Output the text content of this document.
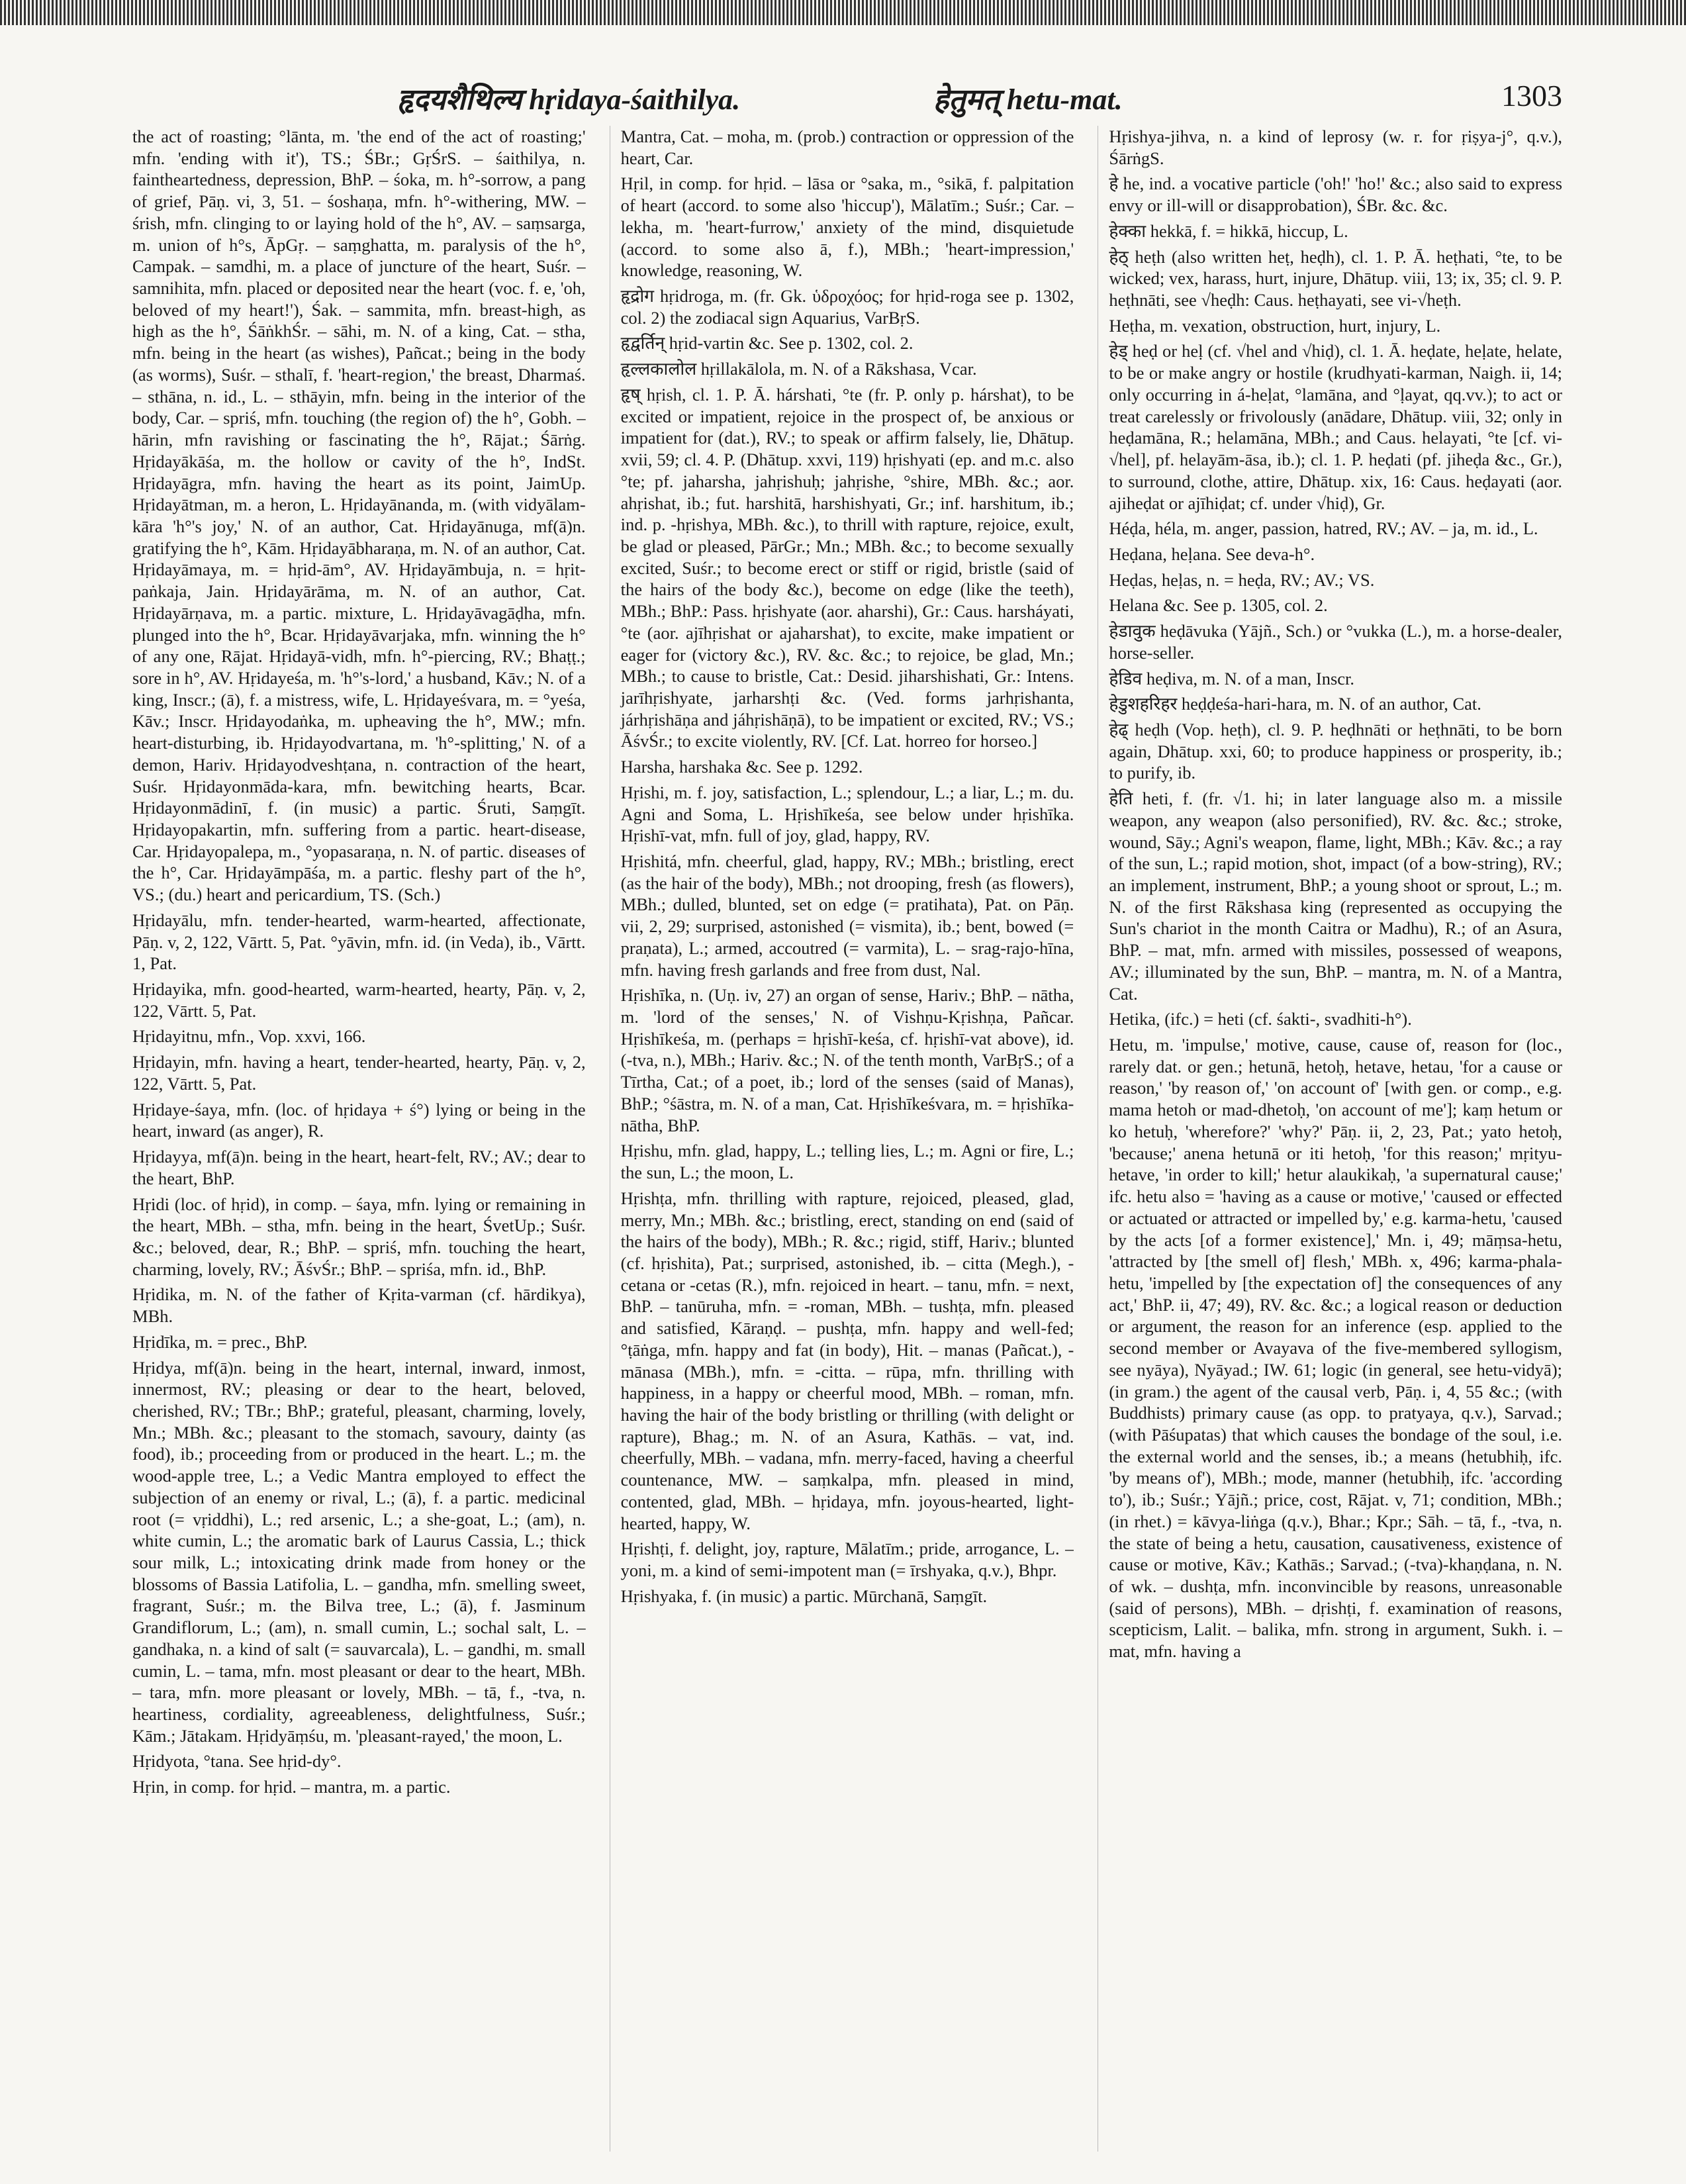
हृदयशैथिल्य hṛidaya-śaithilya.	हेतुमत् hetu-mat.	1303

the act of roasting; °lānta, m. 'the end of the act of roasting;' mfn. 'ending with it'), TS.; ŚBr.; GṛŚrS. – śaithilya, n. faintheartedness, depression, BhP. – śoka, m. h°-sorrow, a pang of grief, Pāṇ. vi, 3, 51. – śoshaṇa, mfn. h°-withering, MW. – śrish, mfn. clinging to or laying hold of the h°, AV. – saṃsarga, m. union of h°s, ĀpGṛ. – saṃghatta, m. paralysis of the h°, Campak. – samdhi, m. a place of juncture of the heart, Suśr. – samnihita, mfn. placed or deposited near the heart (voc. f. e, 'oh, beloved of my heart!'), Śak. – sammita, mfn. breast-high, as high as the h°, ŚāṅkhŚr. – sāhi, m. N. of a king, Cat. – stha, mfn. being in the heart (as wishes), Pañcat.; being in the body (as worms), Suśr. – sthalī, f. 'heart-region,' the breast, Dharmaś. – sthāna, n. id., L. – sthāyin, mfn. being in the interior of the body, Car. – spriś, mfn. touching (the region of) the h°, Gobh. – hārin, mfn ravishing or fascinating the h°, Rājat.; Śārṅg. Hṛidayākāśa, m. the hollow or cavity of the h°, IndSt. Hṛidayāgra, mfn. having the heart as its point, JaimUp. Hṛidayātman, m. a heron, L. Hṛidayānanda, m. (with vidyālam-kāra 'h°'s joy,' N. of an author, Cat. Hṛidayānuga, mf(ā)n. gratifying the h°, Kām. Hṛidayābharaṇa, m. N. of an author, Cat. Hṛidayāmaya, m. = hṛid-ām°, AV. Hṛidayāmbuja, n. = hṛit-paṅkaja, Jain. Hṛidayārāma, m. N. of an author, Cat. Hṛidayārṇava, m. a partic. mixture, L. Hṛidayāvagāḍha, mfn. plunged into the h°, Bcar. Hṛidayāvarjaka, mfn. winning the h° of any one, Rājat. Hṛidayā-vidh, mfn. h°-piercing, RV.; Bhaṭṭ.; sore in h°, AV. Hṛidayeśa, m. 'h°'s-lord,' a husband, Kāv.; N. of a king, Inscr.; (ā), f. a mistress, wife, L. Hṛidayeśvara, m. = °yeśa, Kāv.; Inscr. Hṛidayodaṅka, m. upheaving the h°, MW.; mfn. heart-disturbing, ib. Hṛidayodvartana, m. 'h°-splitting,' N. of a demon, Hariv. Hṛidayodveshṭana, n. contraction of the heart, Suśr. Hṛidayonmāda-kara, mfn. bewitching hearts, Bcar. Hṛidayonmādinī, f. (in music) a partic. Śruti, Saṃgīt. Hṛidayopakartin, mfn. suffering from a partic. heart-disease, Car. Hṛidayopalepa, m., °yopasaraṇa, n. N. of partic. diseases of the h°, Car. Hṛidayāmpāśa, m. a partic. fleshy part of the h°, VS.; (du.) heart and pericardium, TS. (Sch.)

Hṛidayālu, mfn. tender-hearted, warm-hearted, affectionate, Pāṇ. v, 2, 122, Vārtt. 5, Pat. °yāvin, mfn. id. (in Veda), ib., Vārtt. 1, Pat.

Hṛidayika, mfn. good-hearted, warm-hearted, hearty, Pāṇ. v, 2, 122, Vārtt. 5, Pat.

Hṛidayitnu, mfn., Vop. xxvi, 166.

Hṛidayin, mfn. having a heart, tender-hearted, hearty, Pāṇ. v, 2, 122, Vārtt. 5, Pat.

Hṛidaye-śaya, mfn. (loc. of hṛidaya + ś°) lying or being in the heart, inward (as anger), R.

Hṛidayya, mf(ā)n. being in the heart, heart-felt, RV.; AV.; dear to the heart, BhP.

Hṛidi (loc. of hṛid), in comp. – śaya, mfn. lying or remaining in the heart, MBh. – stha, mfn. being in the heart, ŚvetUp.; Suśr. &c.; beloved, dear, R.; BhP. – spriś, mfn. touching the heart, charming, lovely, RV.; ĀśvŚr.; BhP. – spriśa, mfn. id., BhP.

Hṛidika, m. N. of the father of Kṛita-varman (cf. hārdikya), MBh.

Hṛidīka, m. = prec., BhP.

Hṛidya, mf(ā)n. being in the heart, internal, inward, inmost, innermost, RV.; pleasing or dear to the heart, beloved, cherished, RV.; TBr.; BhP.; grateful, pleasant, charming, lovely, Mn.; MBh. &c.; pleasant to the stomach, savoury, dainty (as food), ib.; proceeding from or produced in the heart. L.; m. the wood-apple tree, L.; a Vedic Mantra employed to effect the subjection of an enemy or rival, L.; (ā), f. a partic. medicinal root (= vṛiddhi), L.; red arsenic, L.; a she-goat, L.; (am), n. white cumin, L.; the aromatic bark of Laurus Cassia, L.; thick sour milk, L.; intoxicating drink made from honey or the blossoms of Bassia Latifolia, L. – gandha, mfn. smelling sweet, fragrant, Suśr.; m. the Bilva tree, L.; (ā), f. Jasminum Grandiflorum, L.; (am), n. small cumin, L.; sochal salt, L. – gandhaka, n. a kind of salt (= sauvarcala), L. – gandhi, m. small cumin, L. – tama, mfn. most pleasant or dear to the heart, MBh. – tara, mfn. more pleasant or lovely, MBh. – tā, f., -tva, n. heartiness, cordiality, agreeableness, delightfulness, Suśr.; Kām.; Jātakam. Hṛidyāṃśu, m. 'pleasant-rayed,' the moon, L.

Hṛidyota, °tana. See hṛid-dy°.

Hṛin, in comp. for hṛid. – mantra, m. a partic.

Mantra, Cat. – moha, m. (prob.) contraction or oppression of the heart, Car.

Hṛil, in comp. for hṛid. – lāsa or °saka, m., °sikā, f. palpitation of heart (accord. to some also 'hiccup'), Mālatīm.; Suśr.; Car. – lekha, m. 'heart-furrow,' anxiety of the mind, disquietude (accord. to some also ā, f.), MBh.; 'heart-impression,' knowledge, reasoning, W.

हृद्रोग hṛidroga, m. (fr. Gk. ὑδροχόος; for hṛid-roga see p. 1302, col. 2) the zodiacal sign Aquarius, VarBṛS.

हृद्वर्तिन् hṛid-vartin &c. See p. 1302, col. 2.

हृल्लकालोल hṛillakālola, m. N. of a Rākshasa, Vcar.

हृष् hṛish, cl. 1. P. Ā. hárshati, °te (fr. P. only p. hárshat), to be excited or impatient, rejoice in the prospect of, be anxious or impatient for (dat.), RV.; to speak or affirm falsely, lie, Dhātup. xvii, 59; cl. 4. P. (Dhātup. xxvi, 119) hṛishyati (ep. and m.c. also °te; pf. jaharsha, jahṛishuḥ; jahṛishe, °shire, MBh. &c.; aor. ahṛishat, ib.; fut. harshitā, harshishyati, Gr.; inf. harshitum, ib.; ind. p. -hṛishya, MBh. &c.), to thrill with rapture, rejoice, exult, be glad or pleased, PārGr.; Mn.; MBh. &c.; to become sexually excited, Suśr.; to become erect or stiff or rigid, bristle (said of the hairs of the body &c.), become on edge (like the teeth), MBh.; BhP.: Pass. hṛishyate (aor. aharshi), Gr.: Caus. harsháyati, °te (aor. ajīhṛishat or ajaharshat), to excite, make impatient or eager for (victory &c.), RV. &c. &c.; to rejoice, be glad, Mn.; MBh.; to cause to bristle, Cat.: Desid. jiharshishati, Gr.: Intens. jarīhṛishyate, jarharshṭi &c. (Ved. forms jarhṛishanta, járhṛishāṇa and jáhṛishāṇā), to be impatient or excited, RV.; VS.; ĀśvŚr.; to excite violently, RV. [Cf. Lat. horreo for horseo.]

Harsha, harshaka &c. See p. 1292.

Hṛishi, m. f. joy, satisfaction, L.; splendour, L.; a liar, L.; m. du. Agni and Soma, L. Hṛishīkeśa, see below under hṛishīka. Hṛishī-vat, mfn. full of joy, glad, happy, RV.

Hṛishitá, mfn. cheerful, glad, happy, RV.; MBh.; bristling, erect (as the hair of the body), MBh.; not drooping, fresh (as flowers), MBh.; dulled, blunted, set on edge (= pratihata), Pat. on Pāṇ. vii, 2, 29; surprised, astonished (= vismita), ib.; bent, bowed (= praṇata), L.; armed, accoutred (= varmita), L. – srag-rajo-hīna, mfn. having fresh garlands and free from dust, Nal.

Hṛishīka, n. (Uṇ. iv, 27) an organ of sense, Hariv.; BhP. – nātha, m. 'lord of the senses,' N. of Vishṇu-Kṛishṇa, Pañcar. Hṛishīkeśa, m. (perhaps = hṛishī-keśa, cf. hṛishī-vat above), id. (-tva, n.), MBh.; Hariv. &c.; N. of the tenth month, VarBṛS.; of a Tīrtha, Cat.; of a poet, ib.; lord of the senses (said of Manas), BhP.; °śāstra, m. N. of a man, Cat. Hṛishīkeśvara, m. = hṛishīka-nātha, BhP.

Hṛishu, mfn. glad, happy, L.; telling lies, L.; m. Agni or fire, L.; the sun, L.; the moon, L.

Hṛishṭa, mfn. thrilling with rapture, rejoiced, pleased, glad, merry, Mn.; MBh. &c.; bristling, erect, standing on end (said of the hairs of the body), MBh.; R. &c.; rigid, stiff, Hariv.; blunted (cf. hṛishita), Pat.; surprised, astonished, ib. – citta (Megh.), -cetana or -cetas (R.), mfn. rejoiced in heart. – tanu, mfn. = next, BhP. – tanūruha, mfn. = -roman, MBh. – tushṭa, mfn. pleased and satisfied, Kāraṇḍ. – pushṭa, mfn. happy and well-fed; °ṭāṅga, mfn. happy and fat (in body), Hit. – manas (Pañcat.), -mānasa (MBh.), mfn. = -citta. – rūpa, mfn. thrilling with happiness, in a happy or cheerful mood, MBh. – roman, mfn. having the hair of the body bristling or thrilling (with delight or rapture), Bhag.; m. N. of an Asura, Kathās. – vat, ind. cheerfully, MBh. – vadana, mfn. merry-faced, having a cheerful countenance, MW. – saṃkalpa, mfn. pleased in mind, contented, glad, MBh. – hṛidaya, mfn. joyous-hearted, light-hearted, happy, W.

Hṛishṭi, f. delight, joy, rapture, Mālatīm.; pride, arrogance, L. – yoni, m. a kind of semi-impotent man (= īrshyaka, q.v.), Bhpr.

Hṛishyaka, f. (in music) a partic. Mūrchanā, Saṃgīt.

Hṛishya-jihva, n. a kind of leprosy (w. r. for ṛiṣya-j°, q.v.), ŚārṅgS.

हे he, ind. a vocative particle ('oh!' 'ho!' &c.; also said to express envy or ill-will or disapprobation), ŚBr. &c. &c.

हेक्का hekkā, f. = hikkā, hiccup, L.

हेठ् heṭh (also written heṭ, heḍh), cl. 1. P. Ā. heṭhati, °te, to be wicked; vex, harass, hurt, injure, Dhātup. viii, 13; ix, 35; cl. 9. P. heṭhnāti, see √heḍh: Caus. heṭhayati, see vi-√heṭh.

Heṭha, m. vexation, obstruction, hurt, injury, L.

हेड् heḍ or heḷ (cf. √hel and √hiḍ), cl. 1. Ā. heḍate, heḷate, helate, to be or make angry or hostile (krudhyati-karman, Naigh. ii, 14; only occurring in á-heḷat, °lamāna, and °ḷayat, qq.vv.); to act or treat carelessly or frivolously (anādare, Dhātup. viii, 32; only in heḍamāna, R.; helamāna, MBh.; and Caus. helayati, °te [cf. vi-√hel], pf. helayām-āsa, ib.); cl. 1. P. heḍati (pf. jiheḍa &c., Gr.), to surround, clothe, attire, Dhātup. xix, 16: Caus. heḍayati (aor. ajiheḍat or ajīhiḍat; cf. under √hiḍ), Gr.

Héḍa, héla, m. anger, passion, hatred, RV.; AV. – ja, m. id., L.

Heḍana, heḷana. See deva-h°.

Heḍas, heḷas, n. = heḍa, RV.; AV.; VS.

Helana &c. See p. 1305, col. 2.

हेडावुक heḍāvuka (Yājñ., Sch.) or °vukka (L.), m. a horse-dealer, horse-seller.

हेडिव heḍiva, m. N. of a man, Inscr.

हेडुशहरिहर heḍḍeśa-hari-hara, m. N. of an author, Cat.

हेढ् heḍh (Vop. heṭh), cl. 9. P. heḍhnāti or heṭhnāti, to be born again, Dhātup. xxi, 60; to produce happiness or prosperity, ib.; to purify, ib.

हेति heti, f. (fr. √1. hi; in later language also m. a missile weapon, any weapon (also personified), RV. &c. &c.; stroke, wound, Sāy.; Agni's weapon, flame, light, MBh.; Kāv. &c.; a ray of the sun, L.; rapid motion, shot, impact (of a bow-string), RV.; an implement, instrument, BhP.; a young shoot or sprout, L.; m. N. of the first Rākshasa king (represented as occupying the Sun's chariot in the month Caitra or Madhu), R.; of an Asura, BhP. – mat, mfn. armed with missiles, possessed of weapons, AV.; illuminated by the sun, BhP. – mantra, m. N. of a Mantra, Cat.

Hetika, (ifc.) = heti (cf. śakti-, svadhiti-h°).

Hetu, m. 'impulse,' motive, cause, cause of, reason for (loc., rarely dat. or gen.; hetunā, hetoḥ, hetave, hetau, 'for a cause or reason,' 'by reason of,' 'on account of' [with gen. or comp., e.g. mama hetoh or mad-dhetoḥ, 'on account of me']; kaṃ hetum or ko hetuḥ, 'wherefore?' 'why?' Pāṇ. ii, 2, 23, Pat.; yato hetoḥ, 'because;' anena hetunā or iti hetoḥ, 'for this reason;' mṛityu-hetave, 'in order to kill;' hetur alaukikaḥ, 'a supernatural cause;' ifc. hetu also = 'having as a cause or motive,' 'caused or effected or actuated or attracted or impelled by,' e.g. karma-hetu, 'caused by the acts [of a former existence],' Mn. i, 49; māṃsa-hetu, 'attracted by [the smell of] flesh,' MBh. x, 496; karma-phala-hetu, 'impelled by [the expectation of] the consequences of any act,' BhP. ii, 47; 49), RV. &c. &c.; a logical reason or deduction or argument, the reason for an inference (esp. applied to the second member or Avayava of the five-membered syllogism, see nyāya), Nyāyad.; IW. 61; logic (in general, see hetu-vidyā); (in gram.) the agent of the causal verb, Pāṇ. i, 4, 55 &c.; (with Buddhists) primary cause (as opp. to pratyaya, q.v.), Sarvad.; (with Pāśupatas) that which causes the bondage of the soul, i.e. the external world and the senses, ib.; a means (hetubhiḥ, ifc. 'by means of'), MBh.; mode, manner (hetubhiḥ, ifc. 'according to'), ib.; Suśr.; Yājñ.; price, cost, Rājat. v, 71; condition, MBh.; (in rhet.) = kāvya-liṅga (q.v.), Bhar.; Kpr.; Sāh. – tā, f., -tva, n. the state of being a hetu, causation, causativeness, existence of cause or motive, Kāv.; Kathās.; Sarvad.; (-tva)-khaṇḍana, n. N. of wk. – dushṭa, mfn. inconvincible by reasons, unreasonable (said of persons), MBh. – dṛishṭi, f. examination of reasons, scepticism, Lalit. – balika, mfn. strong in argument, Sukh. i. – mat, mfn. having a
